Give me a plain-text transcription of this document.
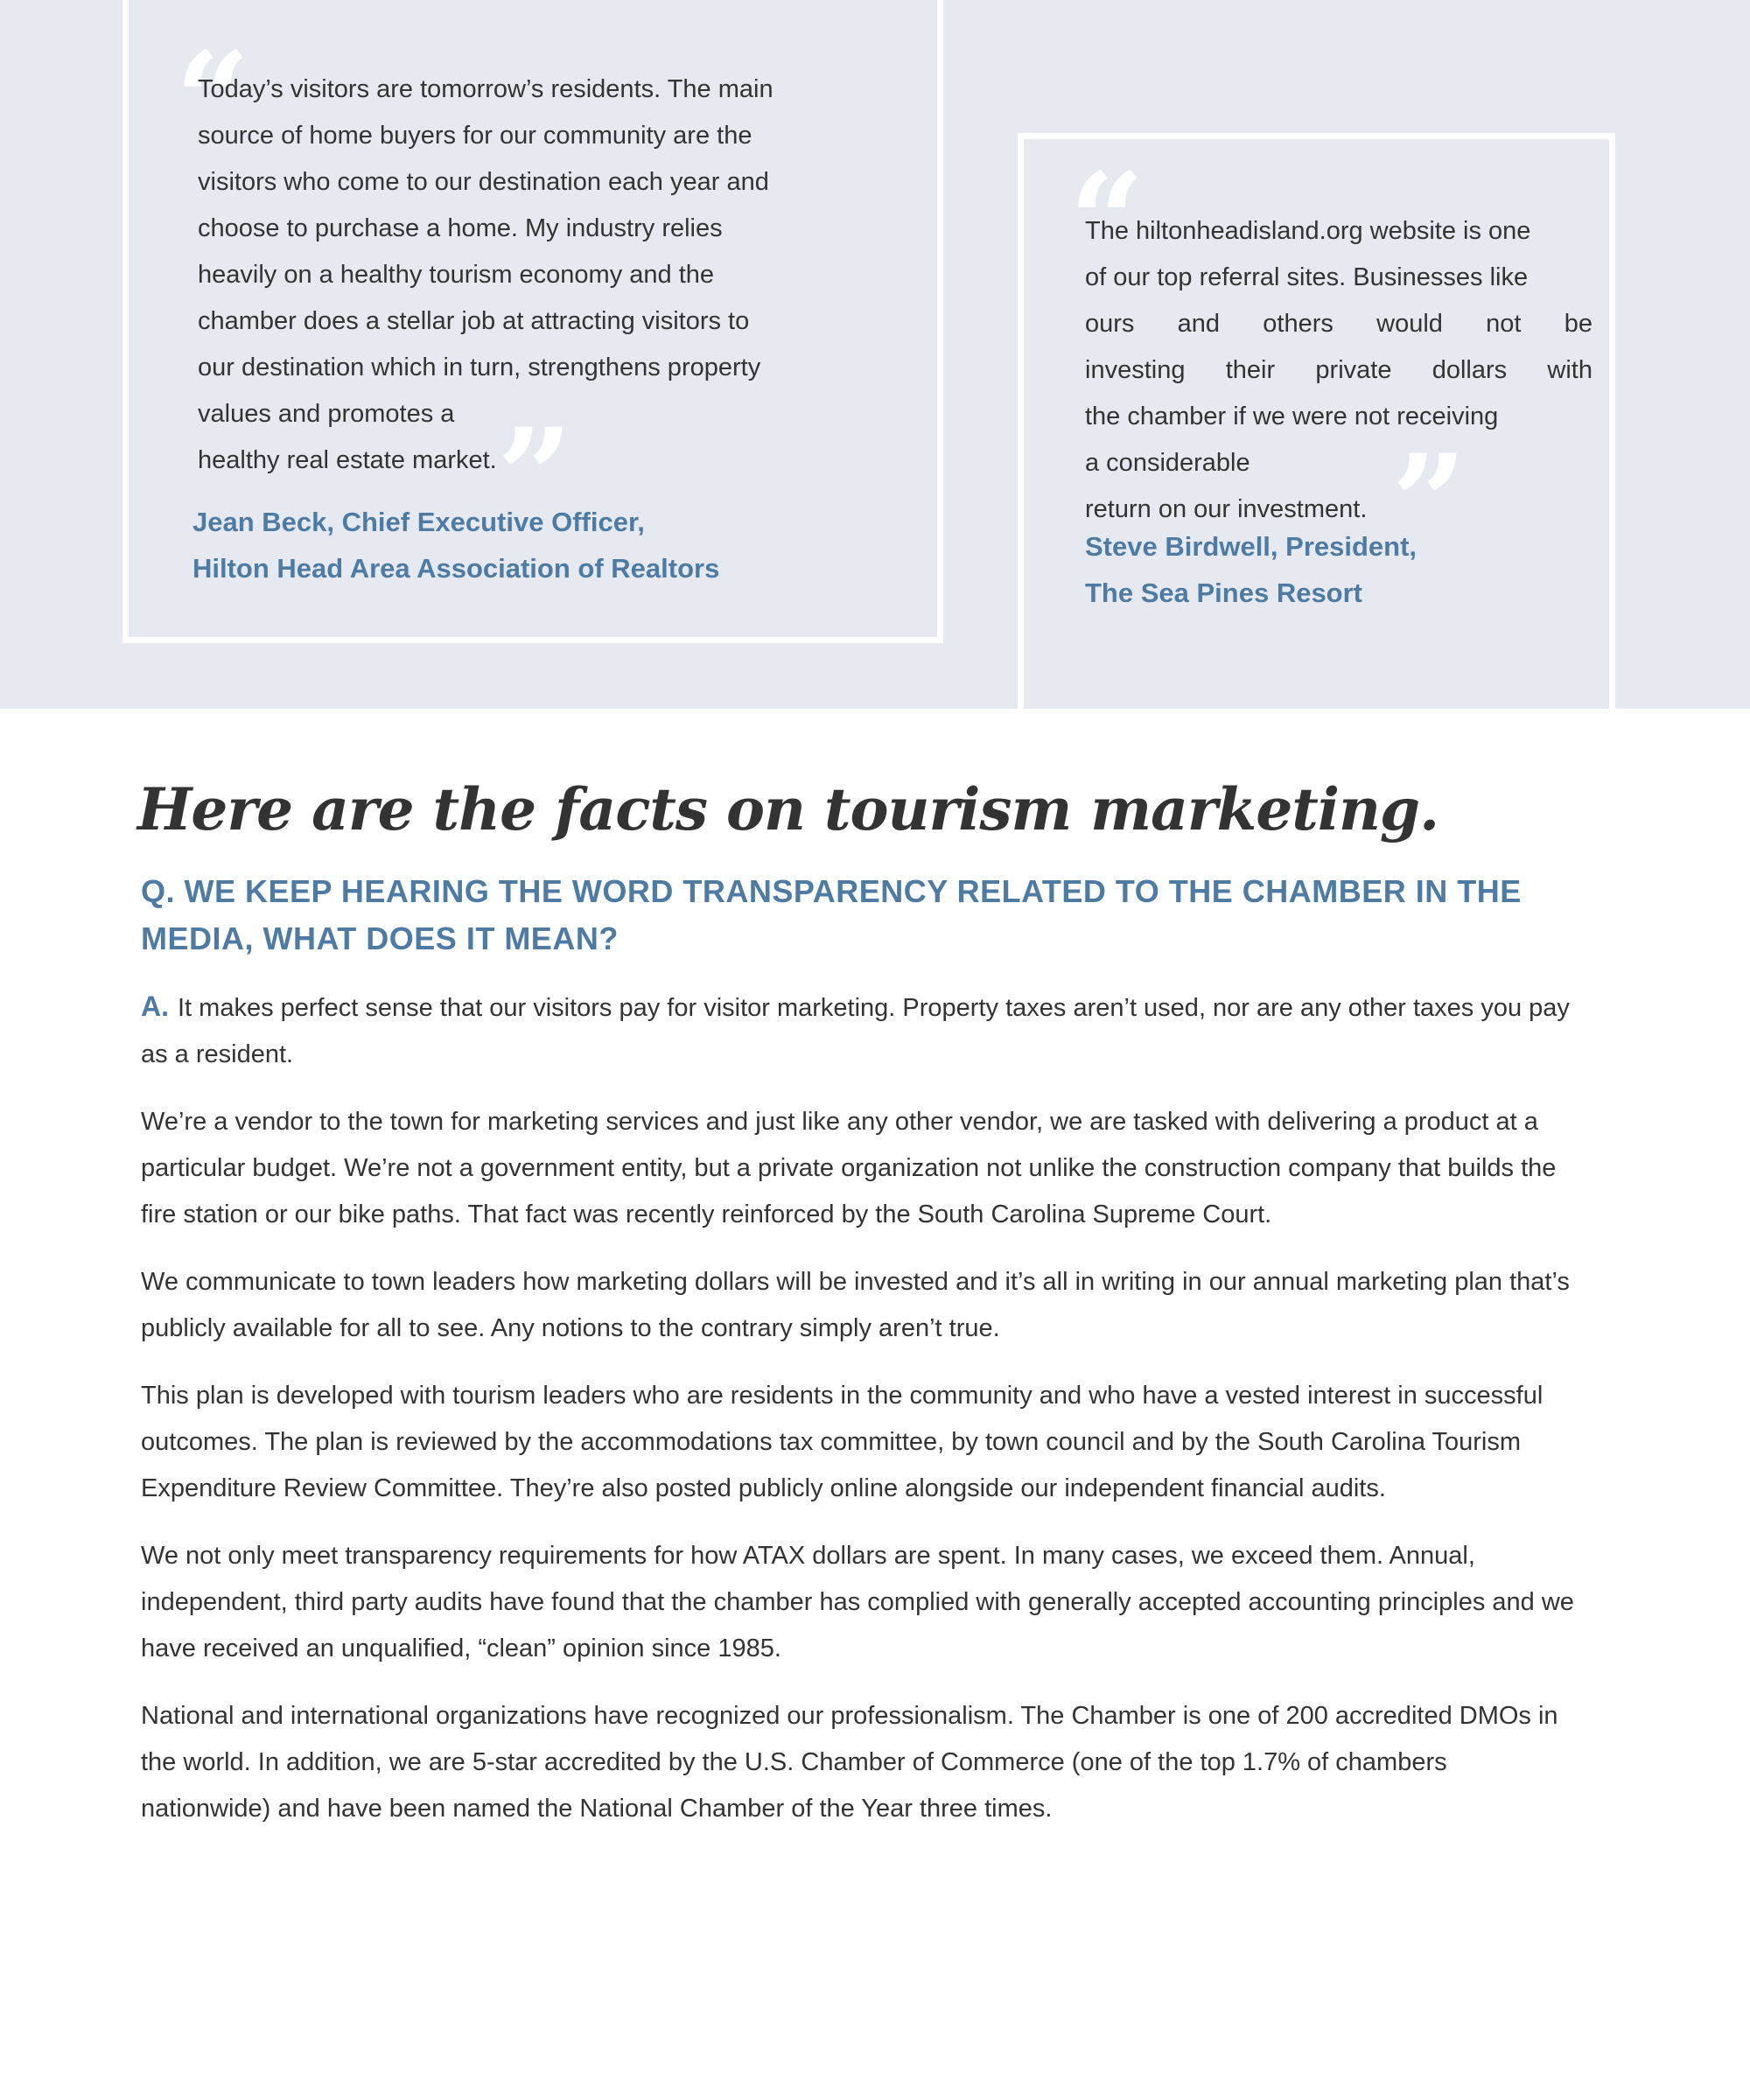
“
”
“
”
Today’s visitors are tomorrow’s residents. The main
source of home buyers for our community are the
visitors who come to our destination each year and
choose to purchase a home. My industry relies
heavily on a healthy tourism economy and the
chamber does a stellar job at attracting visitors to
our destination which in turn, strengthens property
values and promotes a
healthy real estate market.
Jean Beck, Chief Executive Officer,
Hilton Head Area Association of Realtors
The hiltonheadisland.org website is one
of our top referral sites. Businesses like
ours and others would not be
investing their private dollars with
the chamber if we were not receiving
a considerable
return on our investment.
Steve Birdwell, President,
The Sea Pines Resort
Here are the facts on tourism marketing.
Q. WE KEEP HEARING THE WORD TRANSPARENCY RELATED TO THE CHAMBER IN THE MEDIA, WHAT DOES IT MEAN?

A. It makes perfect sense that our visitors pay for visitor marketing. Property taxes aren’t used, nor are any other taxes you pay as a resident.

We’re a vendor to the town for marketing services and just like any other vendor, we are tasked with delivering a product at a particular budget. We’re not a government entity, but a private organization not unlike the construction company that builds the fire station or our bike paths. That fact was recently reinforced by the South Carolina Supreme Court.

We communicate to town leaders how marketing dollars will be invested and it’s all in writing in our annual marketing plan that’s publicly available for all to see. Any notions to the contrary simply aren’t true.

This plan is developed with tourism leaders who are residents in the community and who have a vested interest in successful outcomes. The plan is reviewed by the accommodations tax committee, by town council and by the South Carolina Tourism Expenditure Review Committee. They’re also posted publicly online alongside our independent financial audits.

We not only meet transparency requirements for how ATAX dollars are spent. In many cases, we exceed them. Annual, independent, third party audits have found that the chamber has complied with generally accepted accounting principles and we have received an unqualified, “clean” opinion since 1985.

National and international organizations have recognized our professionalism. The Chamber is one of 200 accredited DMOs in the world. In addition, we are 5-star accredited by the U.S. Chamber of Commerce (one of the top 1.7% of chambers nationwide) and have been named the National Chamber of the Year three times.
